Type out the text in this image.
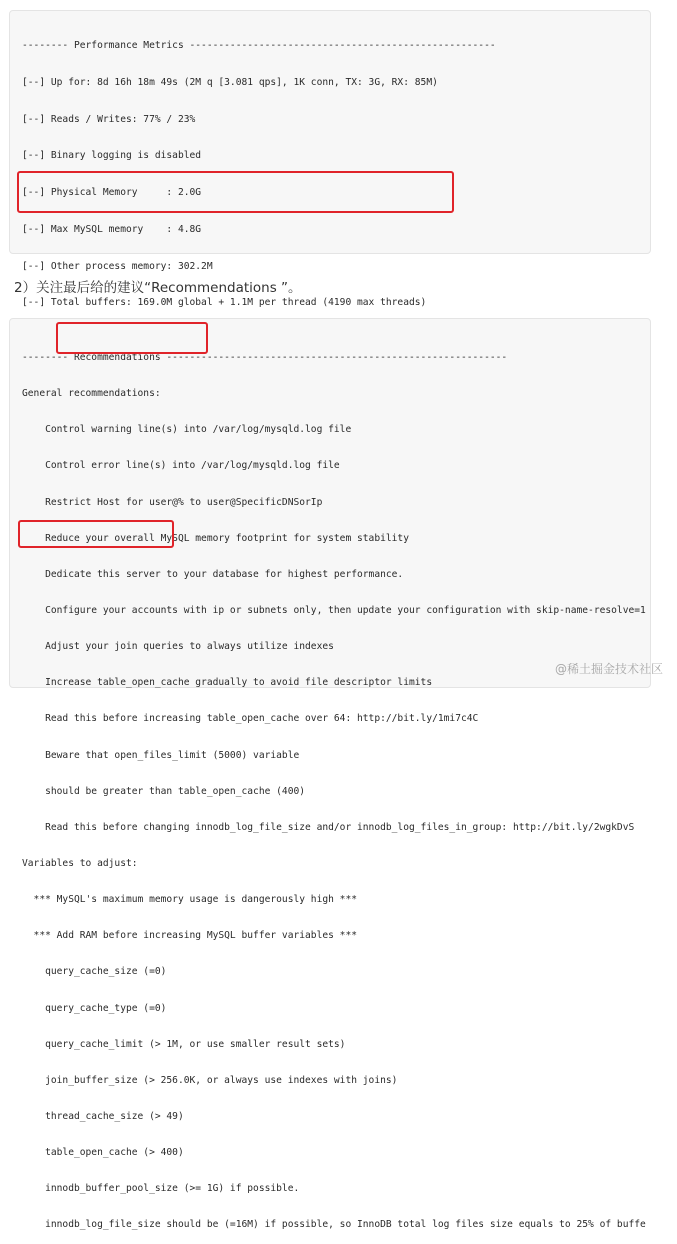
-------- Performance Metrics -----------------------------------------------------

[--] Up for: 8d 16h 18m 49s (2M q [3.081 qps], 1K conn, TX: 3G, RX: 85M)

[--] Reads / Writes: 77% / 23%

[--] Binary logging is disabled

[--] Physical Memory     : 2.0G

[--] Max MySQL memory    : 4.8G

[--] Other process memory: 302.2M

[--] Total buffers: 169.0M global + 1.1M per thread (4190 max threads)

2）关注最后给的建议“Recommendations ”。

-------- Recommendations -----------------------------------------------------------

General recommendations:

Control warning line(s) into /var/log/mysqld.log file

Control error line(s) into /var/log/mysqld.log file

Restrict Host for user@% to user@SpecificDNSorIp

Reduce your overall MySQL memory footprint for system stability

Dedicate this server to your database for highest performance.

Configure your accounts with ip or subnets only, then update your configuration with skip-name-resolve=1

Adjust your join queries to always utilize indexes

Increase table_open_cache gradually to avoid file descriptor limits

Read this before increasing table_open_cache over 64: http://bit.ly/1mi7c4C

Beware that open_files_limit (5000) variable

should be greater than table_open_cache (400)

Read this before changing innodb_log_file_size and/or innodb_log_files_in_group: http://bit.ly/2wgkDvS

Variables to adjust:

*** MySQL's maximum memory usage is dangerously high ***

*** Add RAM before increasing MySQL buffer variables ***

query_cache_size (=0)

query_cache_type (=0)

query_cache_limit (> 1M, or use smaller result sets)

join_buffer_size (> 256.0K, or always use indexes with joins)

thread_cache_size (> 49)

table_open_cache (> 400)

innodb_buffer_pool_size (>= 1G) if possible.

innodb_log_file_size should be (=16M) if possible, so InnoDB total log files size equals to 25% of buffe

@稀土掘金技术社区
